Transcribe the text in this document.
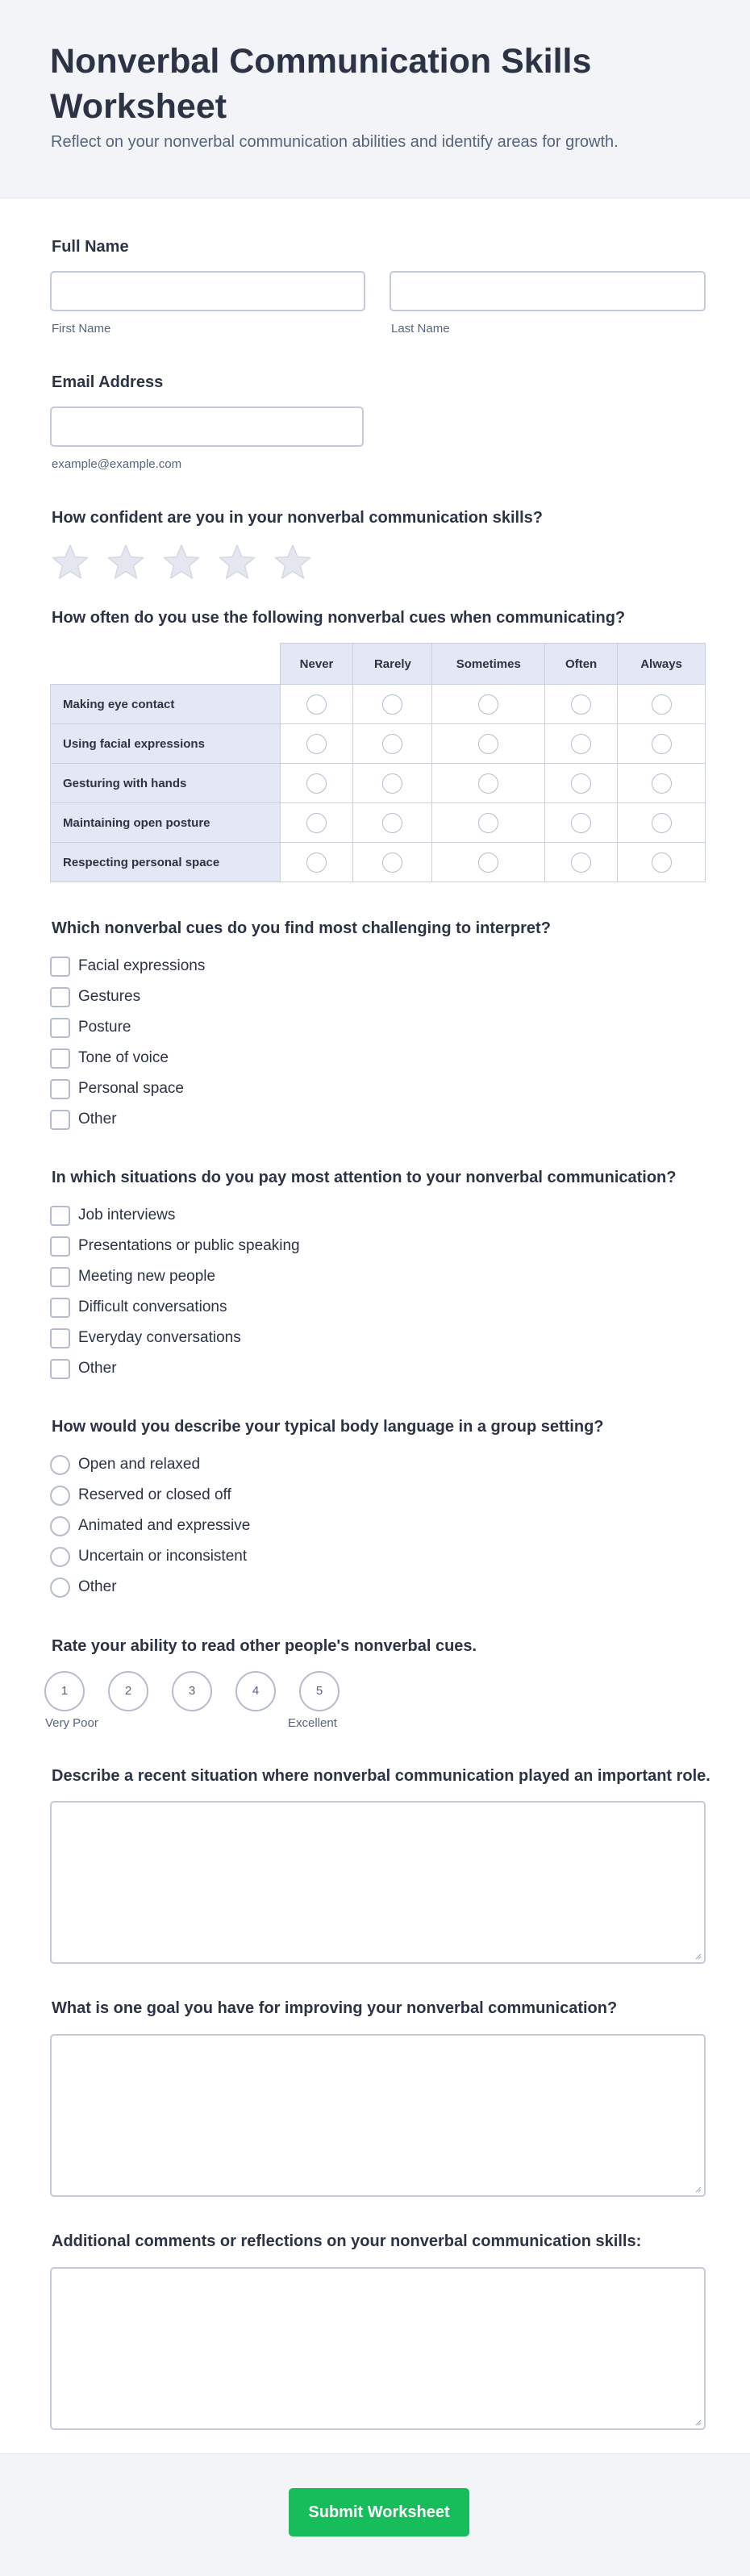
Nonverbal Communication Skills Worksheet
Reflect on your nonverbal communication abilities and identify areas for growth.
Full Name
First Name	Last Name
Email Address
example@example.com
How confident are you in your nonverbal communication skills?
How often do you use the following nonverbal cues when communicating?
	Never	Rarely	Sometimes	Often	Always
Making eye contact					
Using facial expressions					
Gesturing with hands					
Maintaining open posture					
Respecting personal space					
Which nonverbal cues do you find most challenging to interpret?
Facial expressions
Gestures
Posture
Tone of voice
Personal space
Other
In which situations do you pay most attention to your nonverbal communication?
Job interviews
Presentations or public speaking
Meeting new people
Difficult conversations
Everyday conversations
Other
How would you describe your typical body language in a group setting?
Open and relaxed
Reserved or closed off
Animated and expressive
Uncertain or inconsistent
Other
Rate your ability to read other people's nonverbal cues.
1	2	3	4	5
Very Poor	Excellent
Describe a recent situation where nonverbal communication played an important role.
What is one goal you have for improving your nonverbal communication?
Additional comments or reflections on your nonverbal communication skills:
Submit Worksheet
